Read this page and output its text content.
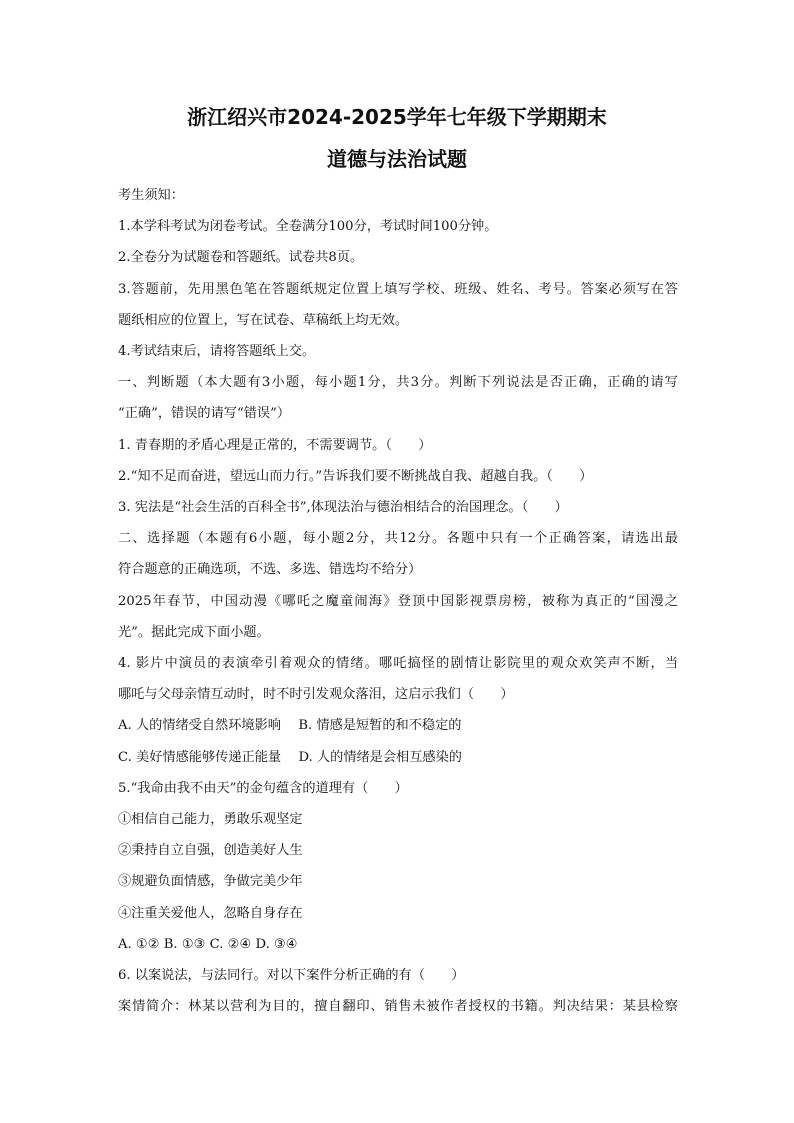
浙江绍兴市2024-2025学年七年级下学期期末
道德与法治试题
考生须知：
1.本学科考试为闭卷考试。全卷满分100分，考试时间100分钟。
2.全卷分为试题卷和答题纸。试卷共8页。
3.答题前，先用黑色笔在答题纸规定位置上填写学校、班级、姓名、考号。答案必须写在答
题纸相应的位置上，写在试卷、草稿纸上均无效。
4.考试结束后，请将答题纸上交。
一、判断题（本大题有3小题，每小题1分，共3分。判断下列说法是否正确，正确的请写
“正确”，错误的请写“错误”）
1. 青春期的矛盾心理是正常的，不需要调节。（　　）
2.“知不足而奋进，望远山而力行。”告诉我们要不断挑战自我、超越自我。（　　）
3. 宪法是“社会生活的百科全书”,体现法治与德治相结合的治国理念。（　　）
二、选择题（本题有6小题，每小题2分，共12分。各题中只有一个正确答案，请选出最
符合题意的正确选项，不选、多选、错选均不给分）
2025年春节，中国动漫《哪吒之魔童闹海》登顶中国影视票房榜，被称为真正的“国漫之
光”。据此完成下面小题。
4. 影片中演员的表演牵引着观众的情绪。哪吒搞怪的剧情让影院里的观众欢笑声不断，当
哪吒与父母亲情互动时，时不时引发观众落泪，这启示我们（　　）
A. 人的情绪受自然环境影响　 B. 情感是短暂的和不稳定的
C. 美好情感能够传递正能量　 D. 人的情绪是会相互感染的
5.“我命由我不由天”的金句蕴含的道理有（　　）
①相信自己能力，勇敢乐观坚定
②秉持自立自强，创造美好人生
③规避负面情感，争做完美少年
④注重关爱他人，忽略自身存在
A. ①② B. ①③ C. ②④ D. ③④
6. 以案说法，与法同行。对以下案件分析正确的有（　　）
案情简介：林某以营利为目的，擅自翻印、销售未被作者授权的书籍。判决结果：某县检察
